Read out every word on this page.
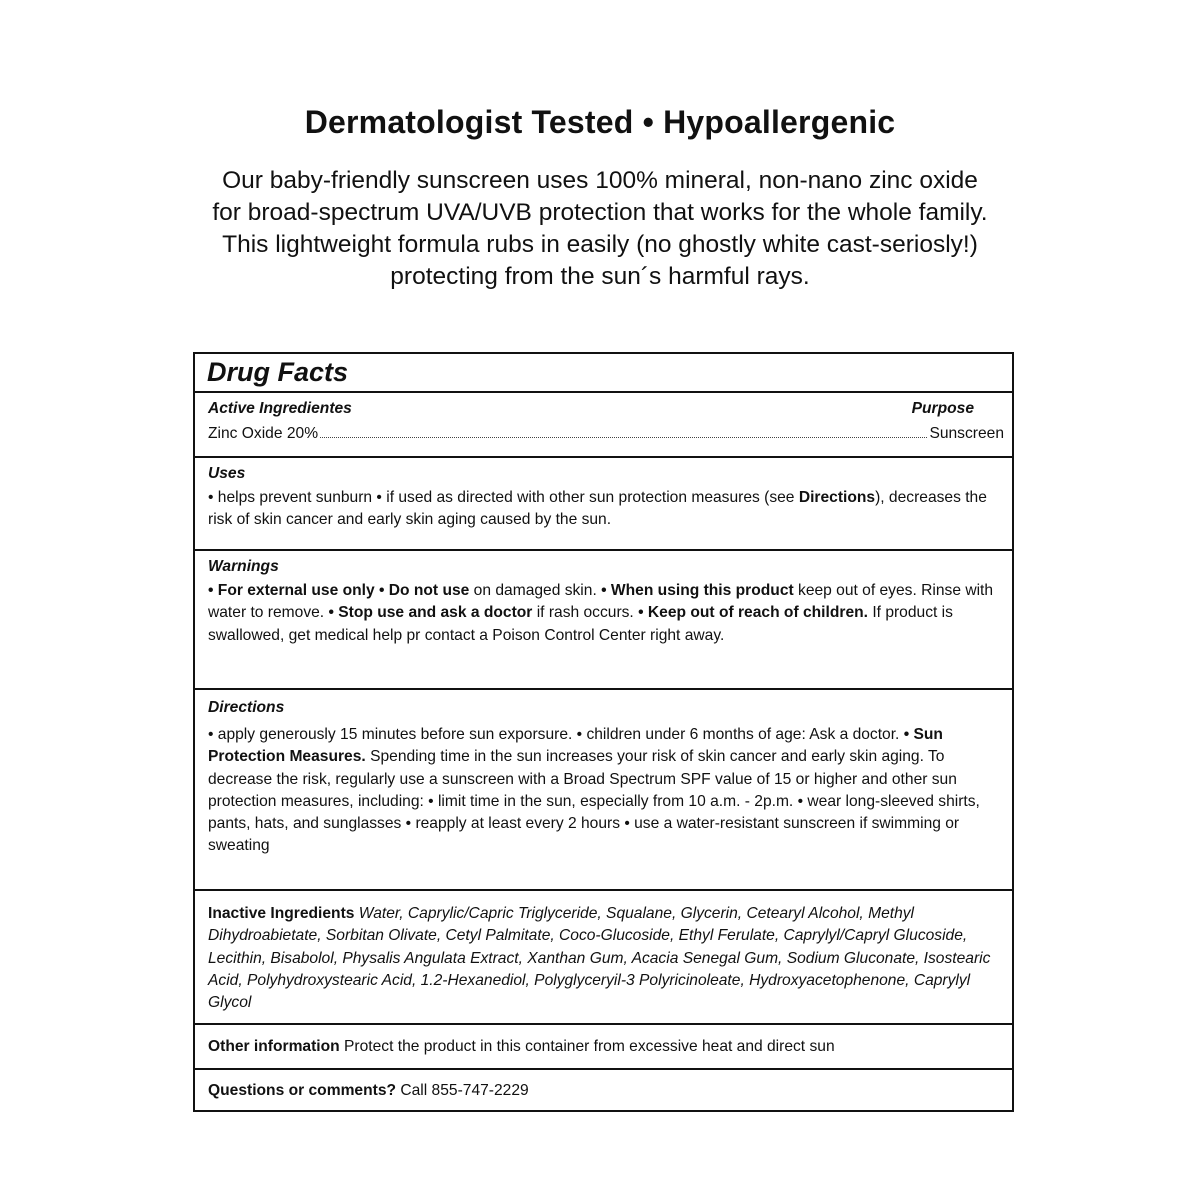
Dermatologist Tested • Hypoallergenic
Our baby-friendly sunscreen uses 100% mineral, non-nano zinc oxide for broad-spectrum UVA/UVB protection that works for the whole family. This lightweight formula rubs in easily (no ghostly white cast-seriosly!) protecting from the sun´s harmful rays.
Drug Facts
Active Ingredientes	Purpose
Zinc Oxide 20%	Sunscreen
Uses
• helps prevent sunburn • if used as directed with other sun protection measures (see Directions), decreases the risk of skin cancer and early skin aging caused by the sun.
Warnings
• For external use only • Do not use on damaged skin. • When using this product keep out of eyes. Rinse with water to remove. • Stop use and ask a doctor if rash occurs. • Keep out of reach of children. If product is swallowed, get medical help pr contact a Poison Control Center right away.
Directions
• apply generously 15 minutes before sun exporsure. • children under 6 months of age: Ask a doctor. • Sun Protection Measures. Spending time in the sun increases your risk of skin cancer and early skin aging. To decrease the risk, regularly use a sunscreen with a Broad Spectrum SPF value of 15 or higher and other sun protection measures, including: • limit time in the sun, especially from 10 a.m. - 2p.m. • wear long-sleeved shirts, pants, hats, and sunglasses • reapply at least every 2 hours • use a water-resistant sunscreen if swimming or sweating
Inactive Ingredients Water, Caprylic/Capric Triglyceride, Squalane, Glycerin, Cetearyl Alcohol, Methyl Dihydroabietate, Sorbitan Olivate, Cetyl Palmitate, Coco-Glucoside, Ethyl Ferulate, Caprylyl/Capryl Glucoside, Lecithin, Bisabolol, Physalis Angulata Extract, Xanthan Gum, Acacia Senegal Gum, Sodium Gluconate, Isostearic Acid, Polyhydroxystearic Acid, 1.2-Hexanediol, Polyglyceryil-3 Polyricinoleate, Hydroxyacetophenone, Caprylyl Glycol
Other information Protect the product in this container from excessive heat and direct sun
Questions or comments? Call 855-747-2229
